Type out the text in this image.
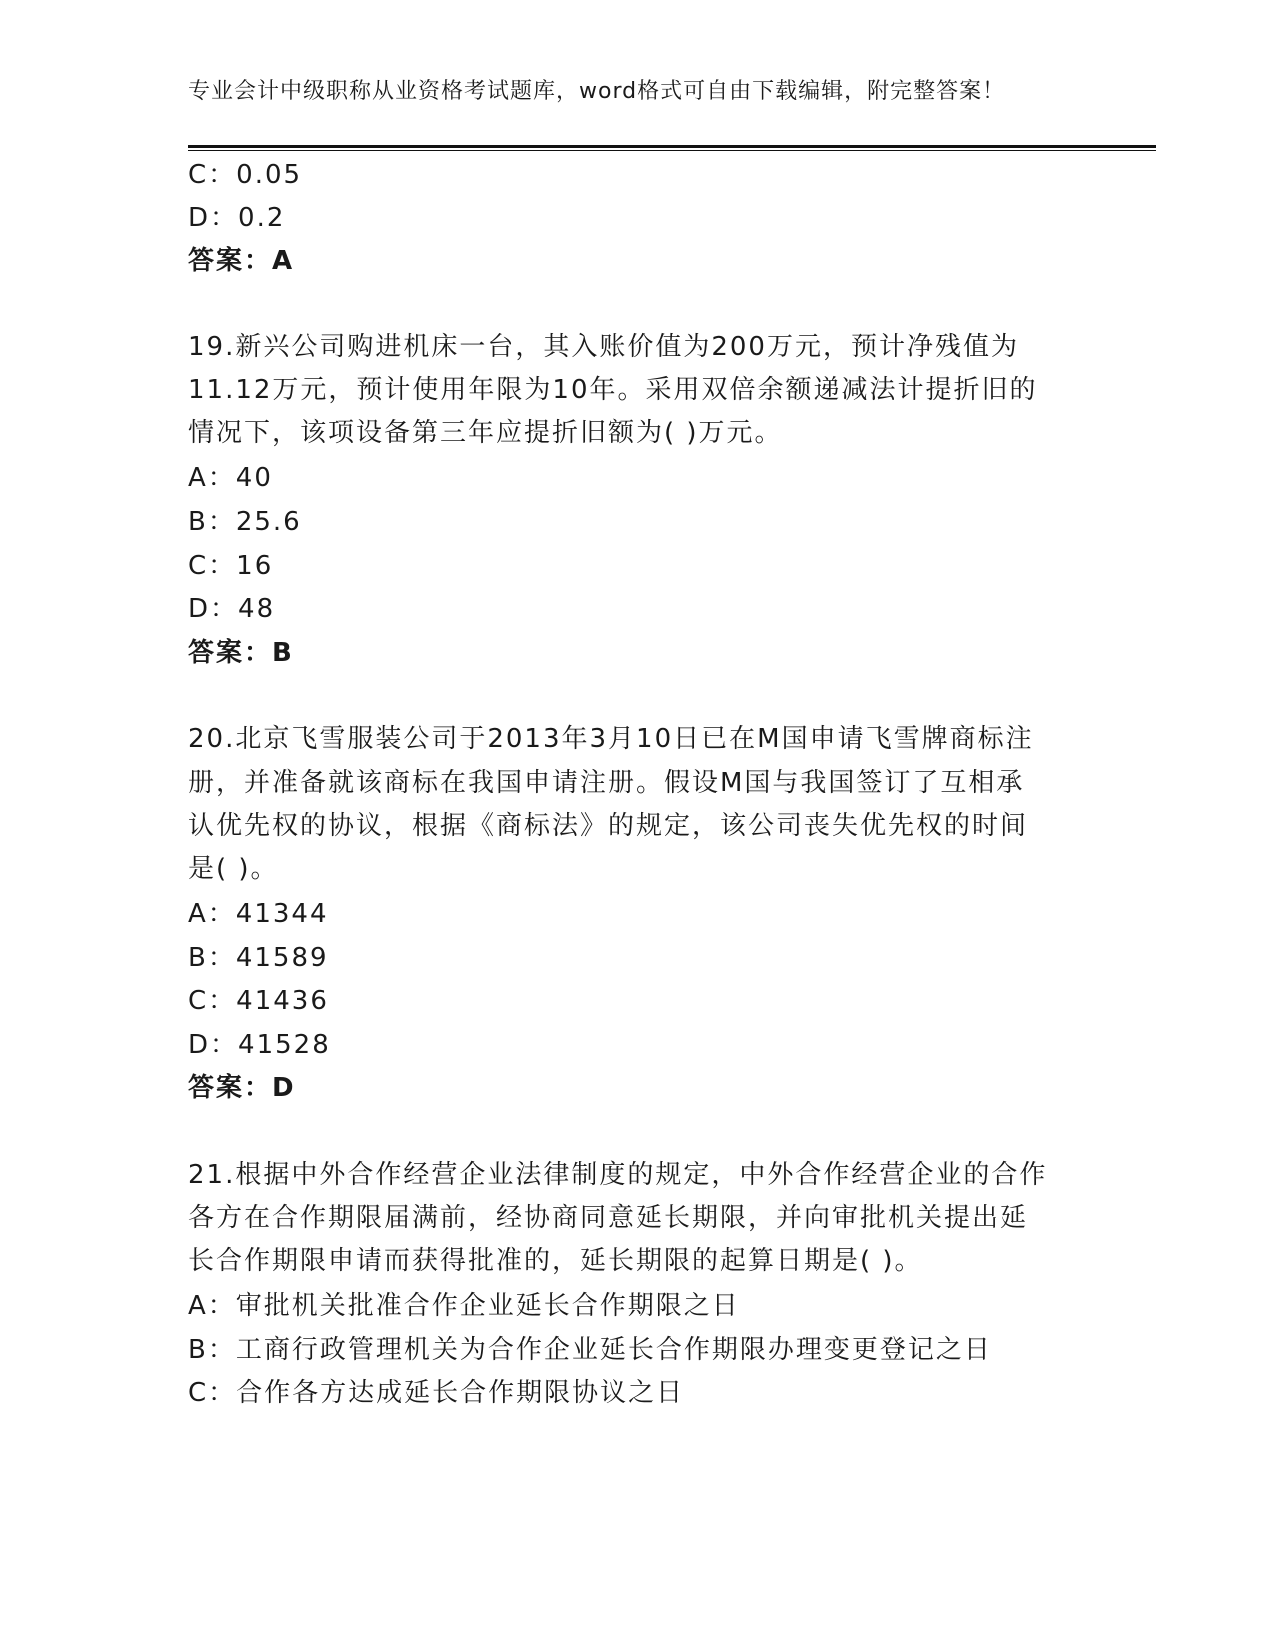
专业会计中级职称从业资格考试题库，word格式可自由下载编辑，附完整答案！
C：0.05
D：0.2
答案：A
19.新兴公司购进机床一台，其入账价值为200万元，预计净残值为
11.12万元，预计使用年限为10年。采用双倍余额递减法计提折旧的
情况下，该项设备第三年应提折旧额为( )万元。
A：40
B：25.6
C：16
D：48
答案：B
20.北京飞雪服装公司于2013年3月10日已在M国申请飞雪牌商标注
册，并准备就该商标在我国申请注册。假设M国与我国签订了互相承
认优先权的协议，根据《商标法》的规定，该公司丧失优先权的时间
是( )。
A：41344
B：41589
C：41436
D：41528
答案：D
21.根据中外合作经营企业法律制度的规定，中外合作经营企业的合作
各方在合作期限届满前，经协商同意延长期限，并向审批机关提出延
长合作期限申请而获得批准的，延长期限的起算日期是( )。
A：审批机关批准合作企业延长合作期限之日
B：工商行政管理机关为合作企业延长合作期限办理变更登记之日
C：合作各方达成延长合作期限协议之日
